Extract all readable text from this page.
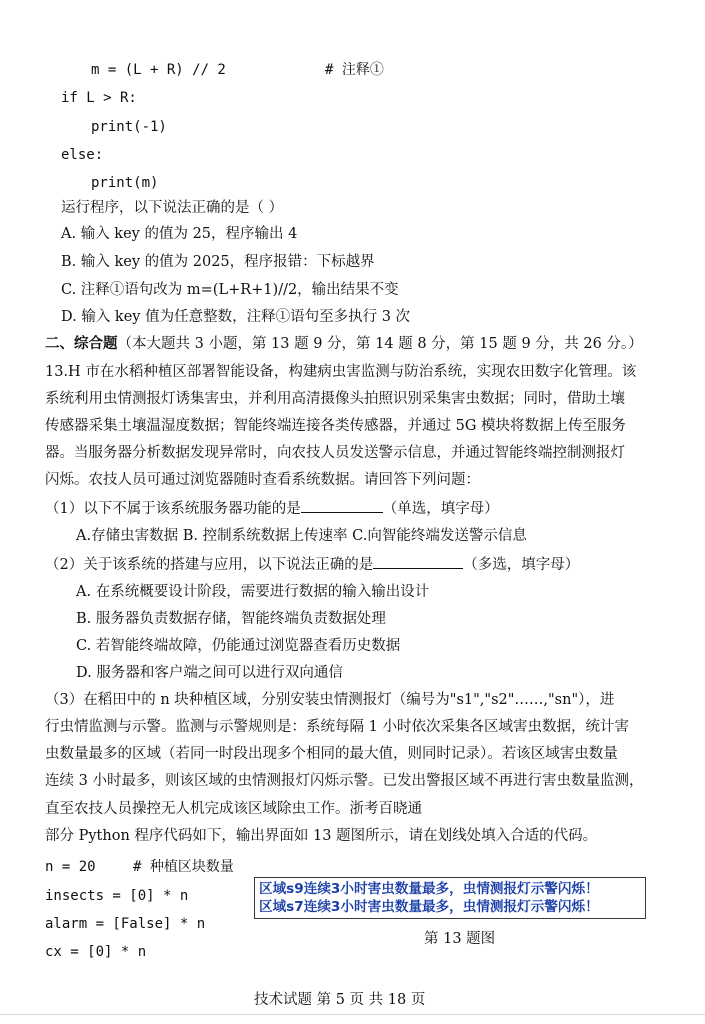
m = (L + R) // 2	# 注释①
if L > R:
print(-1)
else:
print(m)
运行程序，以下说法正确的是（ ）
A. 输入 key 的值为 25，程序输出 4
B. 输入 key 的值为 2025，程序报错：下标越界
C. 注释①语句改为 m=(L+R+1)//2，输出结果不变
D. 输入 key 值为任意整数，注释①语句至多执行 3 次
二、综合题（本大题共 3 小题，第 13 题 9 分，第 14 题 8 分，第 15 题 9 分，共 26 分。）
13.H 市在水稻种植区部署智能设备，构建病虫害监测与防治系统，实现农田数字化管理。该
系统利用虫情测报灯诱集害虫，并利用高清摄像头拍照识别采集害虫数据；同时，借助土壤
传感器采集土壤温湿度数据；智能终端连接各类传感器，并通过 5G 模块将数据上传至服务
器。当服务器分析数据发现异常时，向农技人员发送警示信息，并通过智能终端控制测报灯
闪烁。农技人员可通过浏览器随时查看系统数据。请回答下列问题：
（1）以下不属于该系统服务器功能的是	（单选，填字母）
A.存储虫害数据 B. 控制系统数据上传速率 C.向智能终端发送警示信息
（2）关于该系统的搭建与应用，以下说法正确的是	（多选，填字母）
A. 在系统概要设计阶段，需要进行数据的输入输出设计
B. 服务器负责数据存储，智能终端负责数据处理
C. 若智能终端故障，仍能通过浏览器查看历史数据
D. 服务器和客户端之间可以进行双向通信
（3）在稻田中的 n 块种植区域，分别安装虫情测报灯（编号为"s1","s2"……,"sn"），进
行虫情监测与示警。监测与示警规则是：系统每隔 1 小时依次采集各区域害虫数据，统计害
虫数量最多的区域（若同一时段出现多个相同的最大值，则同时记录）。若该区域害虫数量
连续 3 小时最多，则该区域的虫情测报灯闪烁示警。已发出警报区域不再进行害虫数量监测，
直至农技人员操控无人机完成该区域除虫工作。浙考百晓通
部分 Python 程序代码如下，输出界面如 13 题图所示，请在划线处填入合适的代码。
n = 20	# 种植区块数量
insects = [0] * n
alarm = [False] * n
cx = [0] * n
区域s9连续3小时害虫数量最多，虫情测报灯示警闪烁！
区域s7连续3小时害虫数量最多，虫情测报灯示警闪烁！
第 13 题图
技术试题 第 5 页 共 18 页
